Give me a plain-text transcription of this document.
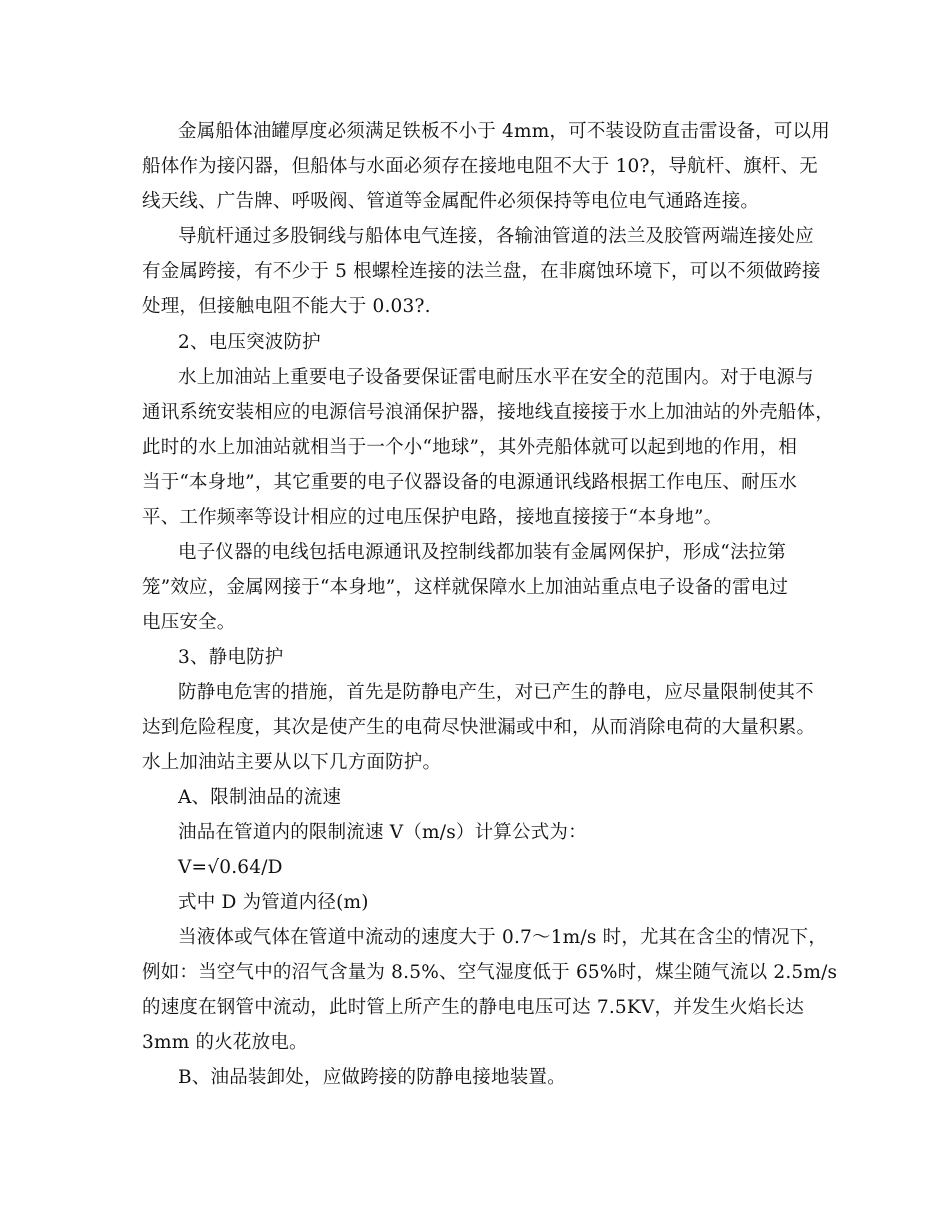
金属船体油罐厚度必须满足铁板不小于 4mm，可不装设防直击雷设备，可以用
船体作为接闪器，但船体与水面必须存在接地电阻不大于 10?，导航杆、旗杆、无
线天线、广告牌、呼吸阀、管道等金属配件必须保持等电位电气通路连接。
导航杆通过多股铜线与船体电气连接，各输油管道的法兰及胶管两端连接处应
有金属跨接，有不少于 5 根螺栓连接的法兰盘，在非腐蚀环境下，可以不须做跨接
处理，但接触电阻不能大于 0.03?.
2、电压突波防护
水上加油站上重要电子设备要保证雷电耐压水平在安全的范围内。对于电源与
通讯系统安装相应的电源信号浪涌保护器，接地线直接接于水上加油站的外壳船体，
此时的水上加油站就相当于一个小“地球”，其外壳船体就可以起到地的作用，相
当于“本身地”，其它重要的电子仪器设备的电源通讯线路根据工作电压、耐压水
平、工作频率等设计相应的过电压保护电路，接地直接接于“本身地”。
电子仪器的电线包括电源通讯及控制线都加装有金属网保护，形成“法拉第
笼”效应，金属网接于“本身地”，这样就保障水上加油站重点电子设备的雷电过
电压安全。
3、静电防护
防静电危害的措施，首先是防静电产生，对已产生的静电，应尽量限制使其不
达到危险程度，其次是使产生的电荷尽快泄漏或中和，从而消除电荷的大量积累。
水上加油站主要从以下几方面防护。
A、限制油品的流速
油品在管道内的限制流速 V（m/s）计算公式为：
V=√0.64/D
式中 D 为管道内径(m)
当液体或气体在管道中流动的速度大于 0.7～1m/s 时，尤其在含尘的情况下，
例如：当空气中的沼气含量为 8.5%、空气湿度低于 65%时，煤尘随气流以 2.5m/s
的速度在钢管中流动，此时管上所产生的静电电压可达 7.5KV，并发生火焰长达
3mm 的火花放电。
B、油品装卸处，应做跨接的防静电接地装置。
